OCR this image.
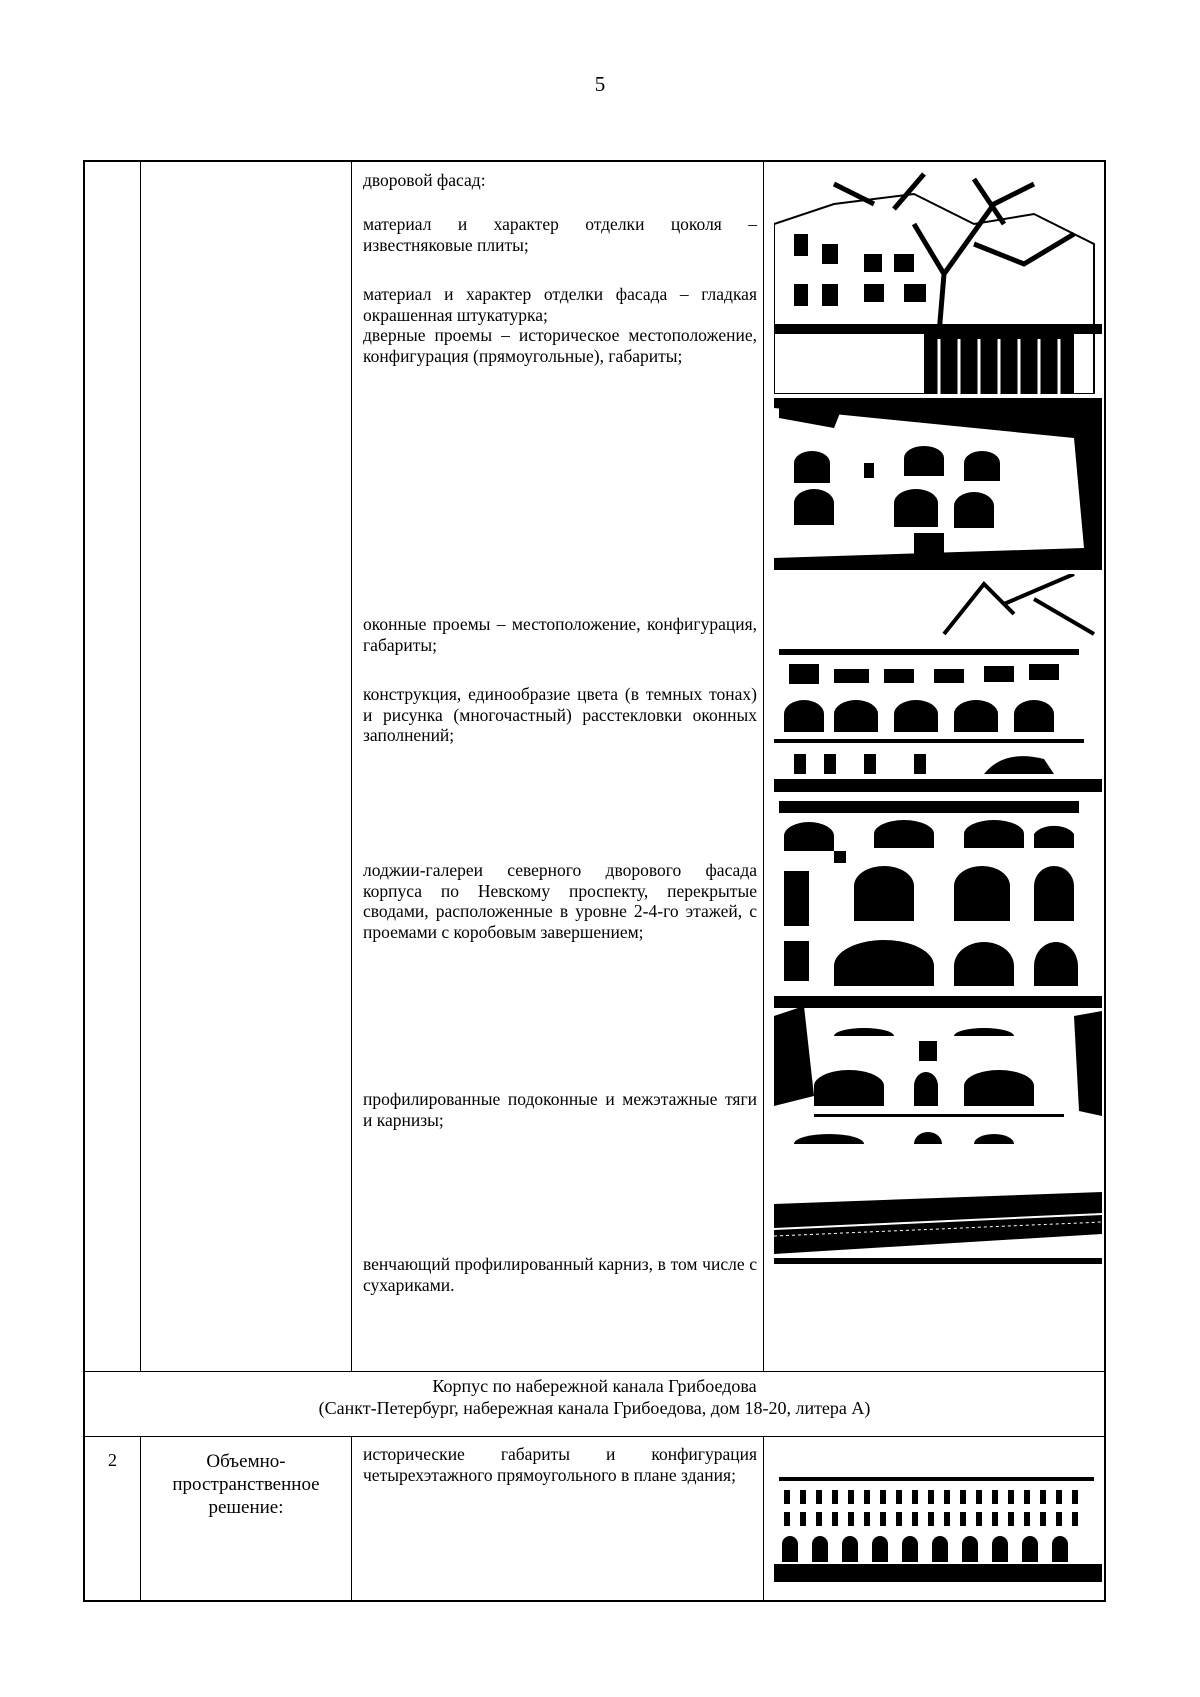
5

дворовой фасад:

материал и характер отделки цоколя – известняковые плиты;

материал и характер отделки фасада – гладкая окрашенная штукатурка;

дверные проемы – историческое местоположение, конфигурация (прямоугольные), габариты;

оконные проемы – местоположение, конфигурация, габариты;

конструкция, единообразие цвета (в темных тонах) и рисунка (многочастный) расстекловки оконных заполнений;

лоджии-галереи северного дворового фасада корпуса по Невскому проспекту, перекрытые сводами, расположенные в уровне 2-4-го этажей, с проемами с коробовым завершением;

профилированные подоконные и межэтажные тяги и карнизы;

венчающий профилированный карниз, в том числе с сухариками.

Корпус по набережной канала Грибоедова
(Санкт-Петербург, набережная канала Грибоедова, дом 18-20, литера А)
2	Объемно-пространственное решение:

исторические габариты и конфигурация четырехэтажного прямоугольного в плане здания;
